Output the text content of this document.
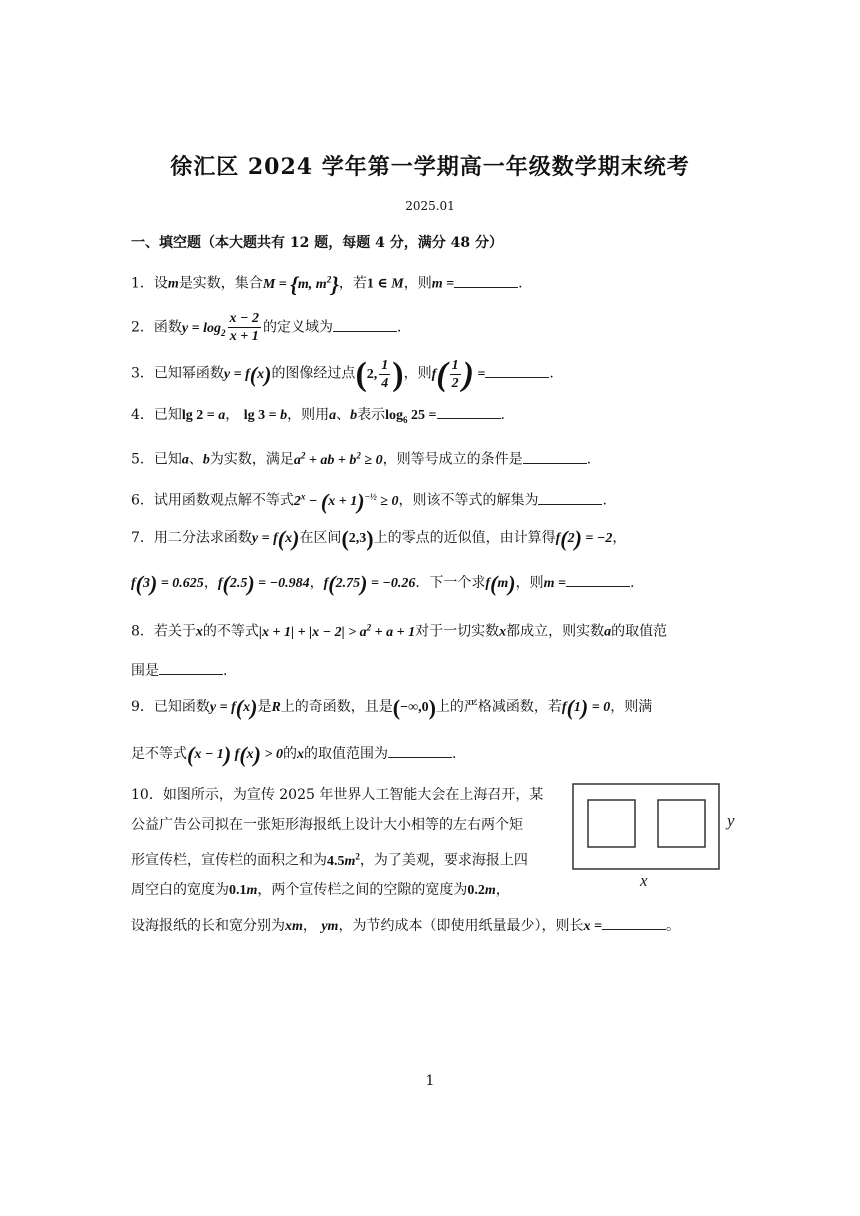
徐汇区 2024 学年第一学期高一年级数学期末统考
2025.01
一、填空题（本大题共有 12 题，每题 4 分，满分 48 分）
1．设m是实数，集合M = {m, $m^2$}，若1 ∈ M，则m =	.
2．函数$y = \log_2 \frac{x - 2}{x + 1}$ 的定义域为	.
3．已知幂函数y = f(x)的图像经过点(2, $\frac{1}{4}$ )，则$f( \frac{1}{2}$ ) =	.
4．已知lg 2 = a， lg 3 = b，则用a、b表示$\log_6 25$ =	.
5．已知a、b为实数，满足$a^2$ + ab + $b^2 \ge 0$，则等号成立的条件是	.
6．试用函数观点解不等式$2^x - (x + 1)^{-\frac{1}{2}} \ge 0$，则该不等式的解集为	.
7．用二分法求函数y = f(x)在区间(2,3)上的零点的近似值，由计算得f(2) = −2，
f(3) = 0.625，f(2.5) = −0.984，f(2.75) = −0.26．下一个求f(m)，则m =	.
8．若关于x的不等式$|x + 1| + |x - 2| > a^2 + a + 1$对于一切实数x都成立，则实数a的取值范
围是	.
9．已知函数y = f(x)是R上的奇函数，且是(−∞,0)上的严格减函数，若f(1) = 0，则满
足不等式(x − 1) f(x) > 0的x的取值范围为	.
10．如图所示，为宣传 2025 年世界人工智能大会在上海召开，某
公益广告公司拟在一张矩形海报纸上设计大小相等的左右两个矩
形宣传栏，宣传栏的面积之和为$4.5m^2$，为了美观，要求海报上四
周空白的宽度为0.1m，两个宣传栏之间的空隙的宽度为0.2m，
设海报纸的长和宽分别为xm， ym，为节约成本（即使用纸量最少），则长x =	。
y
x
1
